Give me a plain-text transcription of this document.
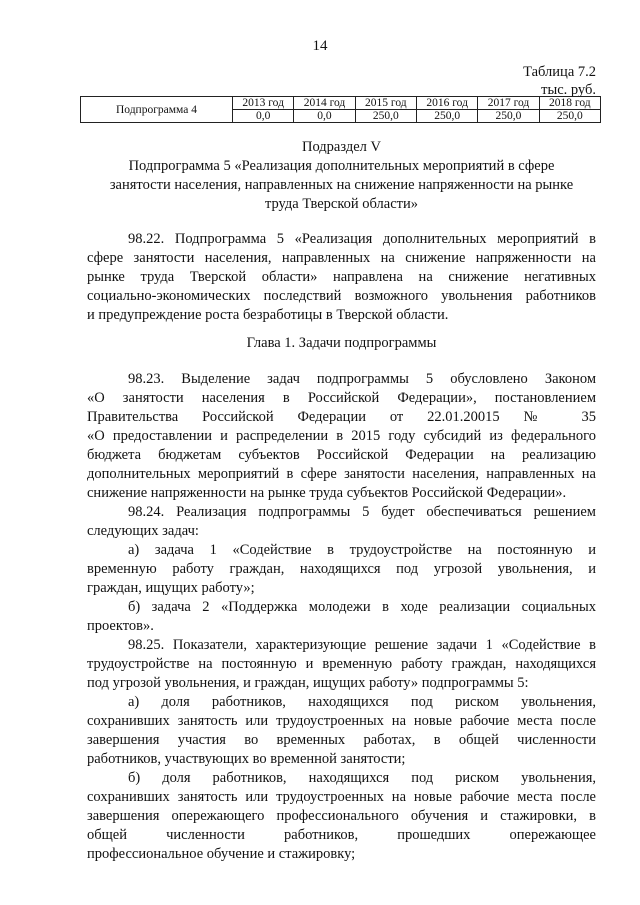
14
Таблица 7.2
тыс. руб.
Подпрограмма 4	2013 год	2014 год	2015 год	2016 год	2017 год	2018 год
	0,0	0,0	250,0	250,0	250,0	250,0

Подраздел V

Подпрограмма 5 «Реализация дополнительных мероприятий в сфере

занятости населения, направленных на снижение напряженности на рынке

труда Тверской области»

98.22. Подпрограмма 5 «Реализация дополнительных мероприятий в

сфере занятости населения, направленных на снижение напряженности на

рынке труда Тверской области» направлена на снижение негативных

социально-экономических последствий возможного увольнения работников

и предупреждение роста безработицы в Тверской области.

Глава 1. Задачи подпрограммы

98.23. Выделение задач подпрограммы 5 обусловлено Законом

«О занятости населения в Российской Федерации», постановлением

Правительства Российской Федерации от 22.01.20015 № 35

«О предоставлении и распределении в 2015 году субсидий из федерального

бюджета бюджетам субъектов Российской Федерации на реализацию

дополнительных мероприятий в сфере занятости населения, направленных на

снижение напряженности на рынке труда субъектов Российской Федерации».

98.24. Реализация подпрограммы 5 будет обеспечиваться решением

следующих задач:

а) задача 1 «Содействие в трудоустройстве на постоянную и

временную работу граждан, находящихся под угрозой увольнения, и

граждан, ищущих работу»;

б) задача 2 «Поддержка молодежи в ходе реализации социальных

проектов».

98.25. Показатели, характеризующие решение задачи 1 «Содействие в

трудоустройстве на постоянную и временную работу граждан, находящихся

под угрозой увольнения, и граждан, ищущих работу» подпрограммы 5:

а) доля работников, находящихся под риском увольнения,

сохранивших занятость или трудоустроенных на новые рабочие места после

завершения участия во временных работах, в общей численности

работников, участвующих во временной занятости;

б) доля работников, находящихся под риском увольнения,

сохранивших занятость или трудоустроенных на новые рабочие места после

завершения опережающего профессионального обучения и стажировки, в

общей численности работников, прошедших опережающее

профессиональное обучение и стажировку;
